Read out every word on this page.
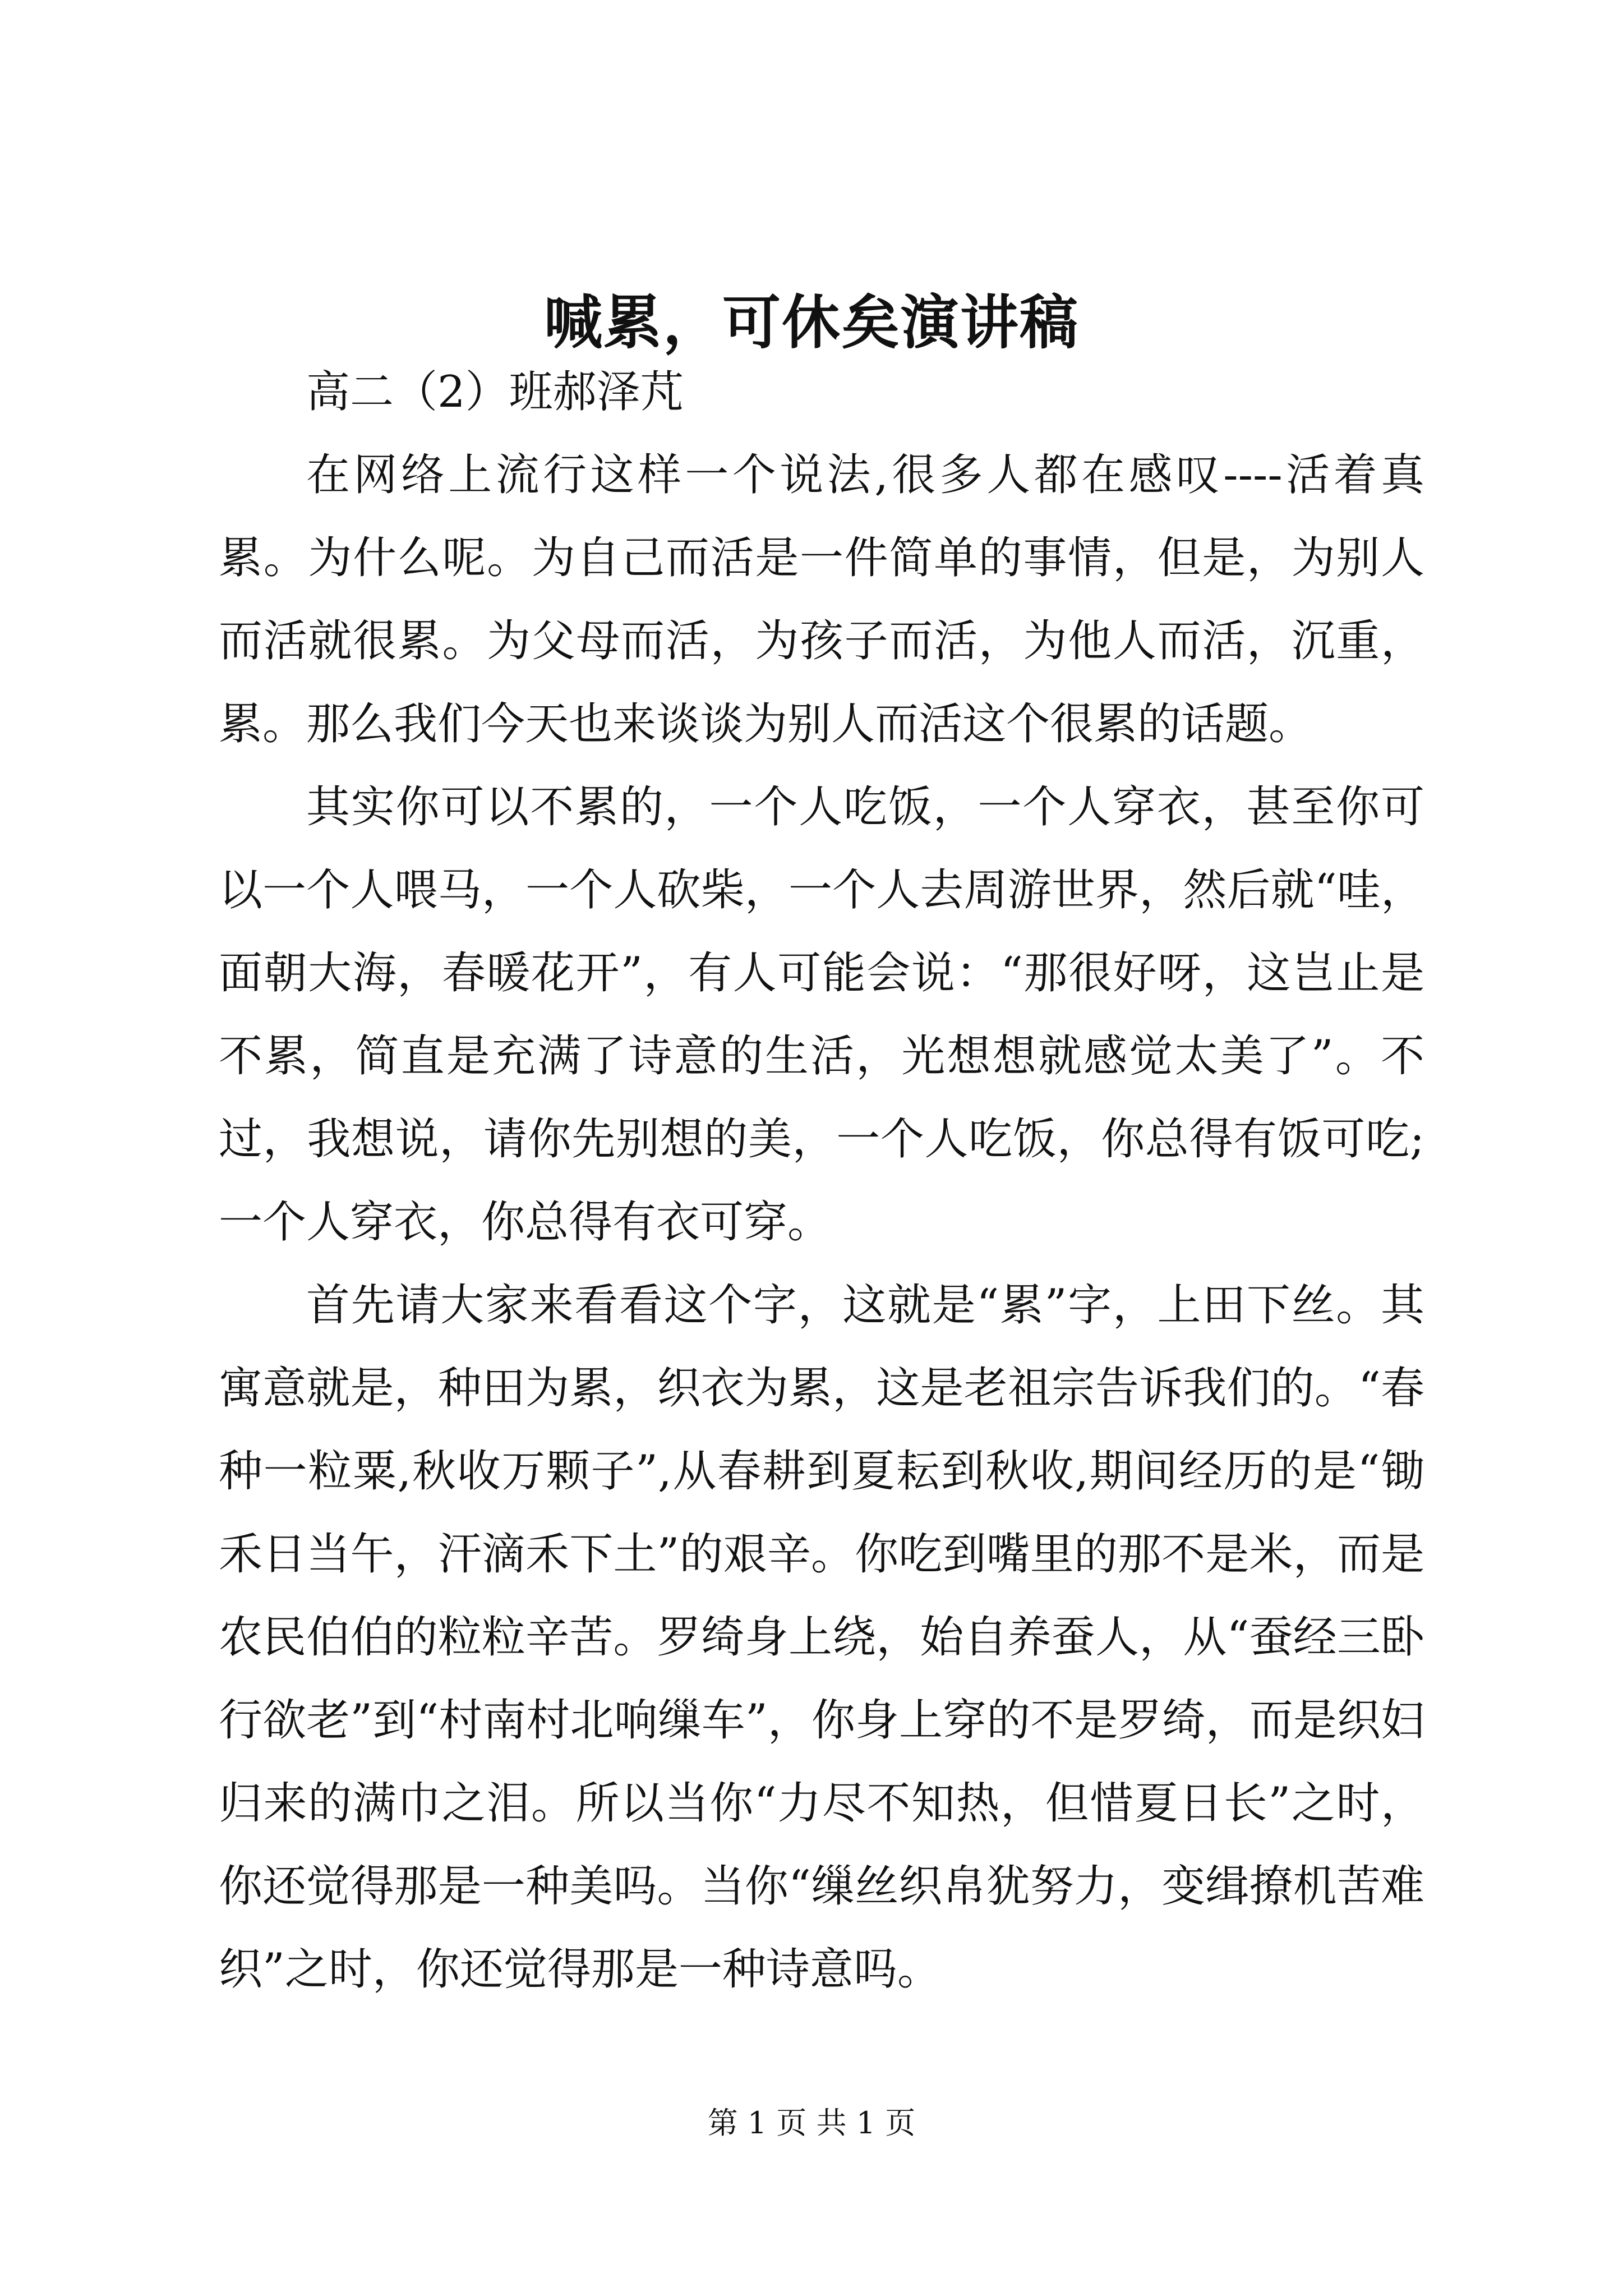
喊累，可休矣演讲稿

高二（2）班郝泽芃

在网络上流行这样一个说法,很多人都在感叹----活着真累。为什么呢。为自己而活是一件简单的事情，但是，为别人而活就很累。为父母而活，为孩子而活，为他人而活，沉重，累。那么我们今天也来谈谈为别人而活这个很累的话题。

其实你可以不累的，一个人吃饭，一个人穿衣，甚至你可以一个人喂马，一个人砍柴，一个人去周游世界，然后就“哇，面朝大海，春暖花开”，有人可能会说：“那很好呀，这岂止是不累，简直是充满了诗意的生活，光想想就感觉太美了”。不过，我想说，请你先别想的美，一个人吃饭，你总得有饭可吃;一个人穿衣，你总得有衣可穿。

首先请大家来看看这个字，这就是“累”字，上田下丝。其寓意就是，种田为累，织衣为累，这是老祖宗告诉我们的。“春种一粒粟,秋收万颗子”,从春耕到夏耘到秋收,期间经历的是“锄禾日当午，汗滴禾下土”的艰辛。你吃到嘴里的那不是米，而是农民伯伯的粒粒辛苦。罗绮身上绕，始自养蚕人，从“蚕经三卧行欲老”到“村南村北响缫车”，你身上穿的不是罗绮，而是织妇归来的满巾之泪。所以当你“力尽不知热，但惜夏日长”之时，你还觉得那是一种美吗。当你“缫丝织帛犹努力，变缉撩机苦难织”之时，你还觉得那是一种诗意吗。

第 1 页 共 1 页
